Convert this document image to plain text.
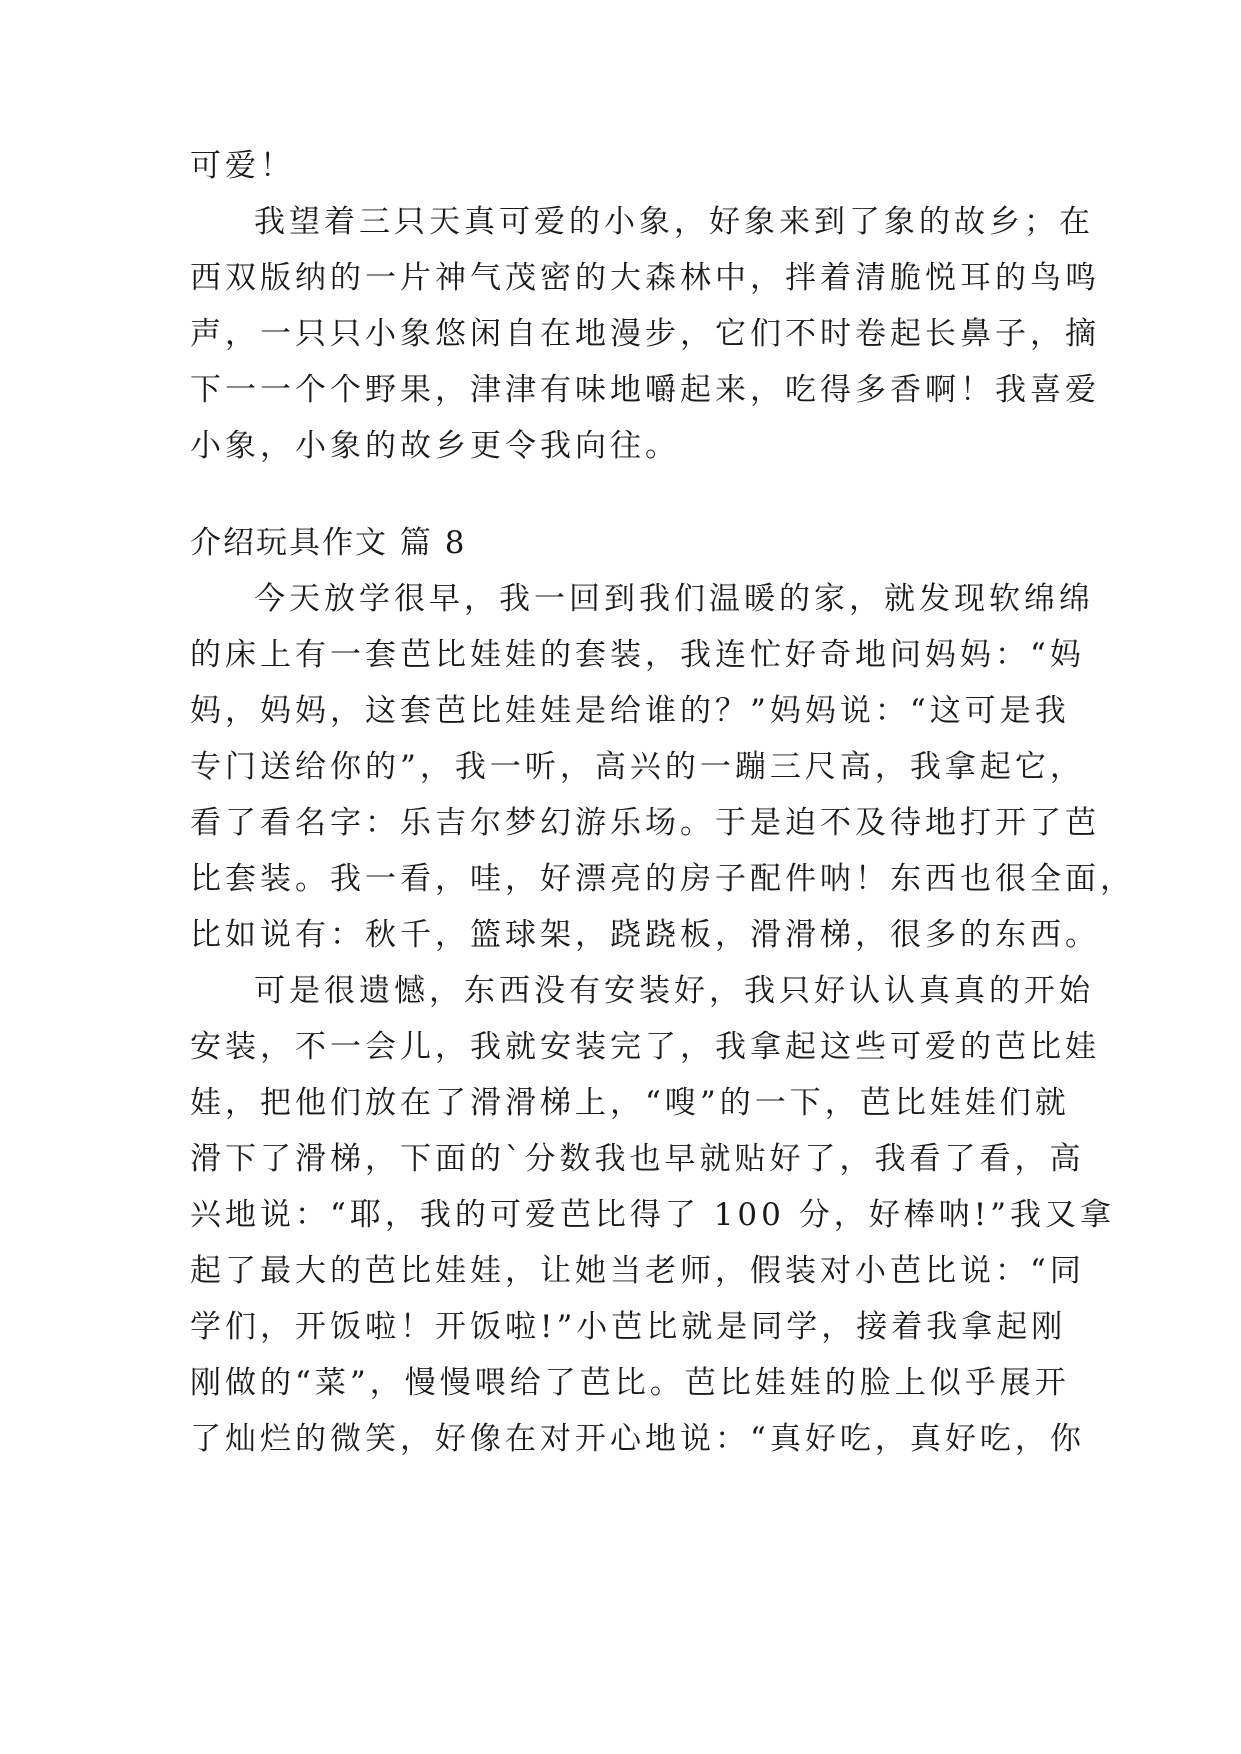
可爱！
我望着三只天真可爱的小象，好象来到了象的故乡；在
西双版纳的一片神气茂密的大森林中，拌着清脆悦耳的鸟鸣
声，一只只小象悠闲自在地漫步，它们不时卷起长鼻子，摘
下一一个个野果，津津有味地嚼起来，吃得多香啊！我喜爱
小象，小象的故乡更令我向往。
介绍玩具作文 篇 8
今天放学很早，我一回到我们温暖的家，就发现软绵绵
的床上有一套芭比娃娃的套装，我连忙好奇地问妈妈：“妈
妈，妈妈，这套芭比娃娃是给谁的？”妈妈说：“这可是我
专门送给你的”，我一听，高兴的一蹦三尺高，我拿起它，
看了看名字：乐吉尔梦幻游乐场。于是迫不及待地打开了芭
比套装。我一看，哇，好漂亮的房子配件呐！东西也很全面，
比如说有：秋千，篮球架，跷跷板，滑滑梯，很多的东西。
可是很遗憾，东西没有安装好，我只好认认真真的开始
安装，不一会儿，我就安装完了，我拿起这些可爱的芭比娃
娃，把他们放在了滑滑梯上，“嗖”的一下，芭比娃娃们就
滑下了滑梯，下面的`分数我也早就贴好了，我看了看，高
兴地说：“耶，我的可爱芭比得了 100 分，好棒呐!”我又拿
起了最大的芭比娃娃，让她当老师，假装对小芭比说：“同
学们，开饭啦！开饭啦!”小芭比就是同学，接着我拿起刚
刚做的“菜”，慢慢喂给了芭比。芭比娃娃的脸上似乎展开
了灿烂的微笑，好像在对开心地说：“真好吃，真好吃，你
